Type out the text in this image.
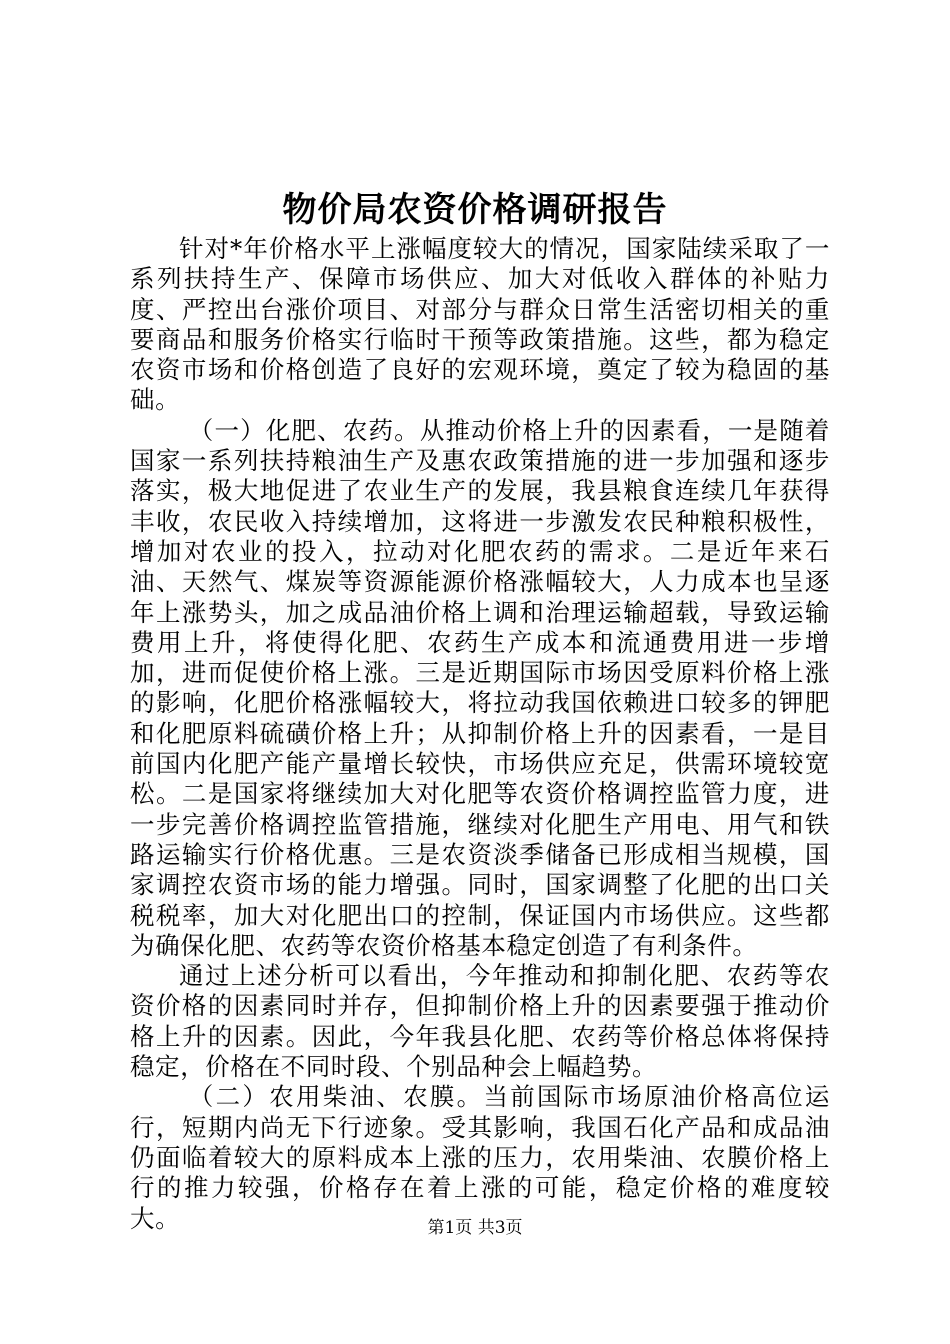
物价局农资价格调研报告

针对*年价格水平上涨幅度较大的情况，国家陆续采取了一系列扶持生产、保障市场供应、加大对低收入群体的补贴力度、严控出台涨价项目、对部分与群众日常生活密切相关的重要商品和服务价格实行临时干预等政策措施。这些，都为稳定农资市场和价格创造了良好的宏观环境，奠定了较为稳固的基础。

（一）化肥、农药。从推动价格上升的因素看，一是随着国家一系列扶持粮油生产及惠农政策措施的进一步加强和逐步落实，极大地促进了农业生产的发展，我县粮食连续几年获得丰收，农民收入持续增加，这将进一步激发农民种粮积极性，增加对农业的投入，拉动对化肥农药的需求。二是近年来石油、天然气、煤炭等资源能源价格涨幅较大，人力成本也呈逐年上涨势头，加之成品油价格上调和治理运输超载，导致运输费用上升，将使得化肥、农药生产成本和流通费用进一步增加，进而促使价格上涨。三是近期国际市场因受原料价格上涨的影响，化肥价格涨幅较大，将拉动我国依赖进口较多的钾肥和化肥原料硫磺价格上升；从抑制价格上升的因素看，一是目前国内化肥产能产量增长较快，市场供应充足，供需环境较宽松。二是国家将继续加大对化肥等农资价格调控监管力度，进一步完善价格调控监管措施，继续对化肥生产用电、用气和铁路运输实行价格优惠。三是农资淡季储备已形成相当规模，国家调控农资市场的能力增强。同时，国家调整了化肥的出口关税税率，加大对化肥出口的控制，保证国内市场供应。这些都为确保化肥、农药等农资价格基本稳定创造了有利条件。

通过上述分析可以看出，今年推动和抑制化肥、农药等农资价格的因素同时并存，但抑制价格上升的因素要强于推动价格上升的因素。因此，今年我县化肥、农药等价格总体将保持稳定，价格在不同时段、个别品种会上幅趋势。

（二）农用柴油、农膜。当前国际市场原油价格高位运行，短期内尚无下行迹象。受其影响，我国石化产品和成品油仍面临着较大的原料成本上涨的压力，农用柴油、农膜价格上行的推力较强，价格存在着上涨的可能，稳定价格的难度较大。	第1页 共3页
